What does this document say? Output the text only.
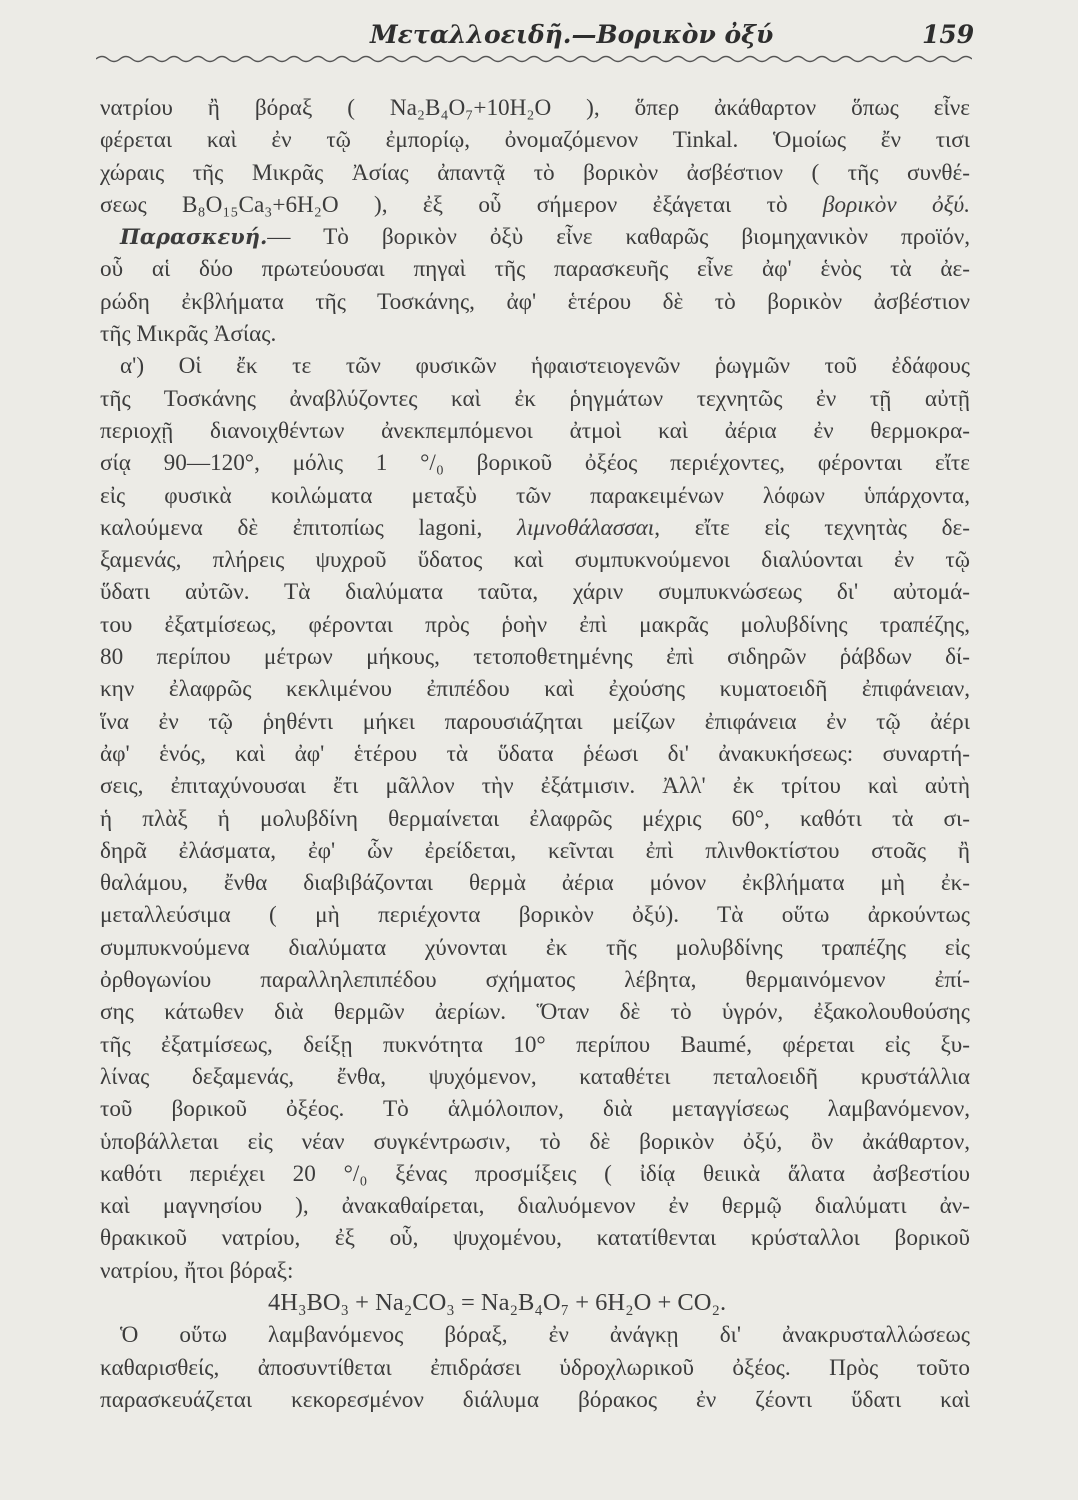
Μεταλλοειδῆ.—Βορικὸν ὀξύ	159
νατρίου ἢ βόραξ ( Na₂B₄O₇+10H₂O ), ὅπερ ἀκάθαρτον ὅπως εἶνε
φέρεται καὶ ἐν τῷ ἐμπορίῳ, ὀνομαζόμενον Tinkal. Ὁμοίως ἔν τισι
χώραις τῆς Μικρᾶς Ἀσίας ἀπαντᾷ τὸ βορικὸν ἀσβέστιον ( τῆς συνθέ-
σεως B₈O₁₅Ca₃+6H₂O ), ἐξ οὗ σήμερον ἐξάγεται τὸ βορικὸν ὀξύ.
Παρασκευή.— Τὸ βορικὸν ὀξὺ εἶνε καθαρῶς βιομηχανικὸν προϊόν,
οὗ αἱ δύο πρωτεύουσαι πηγαὶ τῆς παρασκευῆς εἶνε ἀφ' ἑνὸς τὰ ἀε-
ρώδη ἐκβλήματα τῆς Τοσκάνης, ἀφ' ἑτέρου δὲ τὸ βορικὸν ἀσβέστιον
τῆς Μικρᾶς Ἀσίας.
α') Οἱ ἔκ τε τῶν φυσικῶν ἡφαιστειογενῶν ῥωγμῶν τοῦ ἐδάφους
τῆς Τοσκάνης ἀναβλύζοντες καὶ ἐκ ῥηγμάτων τεχνητῶς ἐν τῇ αὐτῇ
περιοχῇ διανοιχθέντων ἀνεκπεμπόμενοι ἀτμοὶ καὶ ἀέρια ἐν θερμοκρα-
σίᾳ 90—120°, μόλις 1 °/₀ βορικοῦ ὀξέος περιέχοντες, φέρονται εἴτε
εἰς φυσικὰ κοιλώματα μεταξὺ τῶν παρακειμένων λόφων ὑπάρχοντα,
καλούμενα δὲ ἐπιτοπίως lagoni, λιμνοθάλασσαι, εἴτε εἰς τεχνητὰς δε-
ξαμενάς, πλήρεις ψυχροῦ ὕδατος καὶ συμπυκνούμενοι διαλύονται ἐν τῷ
ὕδατι αὐτῶν. Τὰ διαλύματα ταῦτα, χάριν συμπυκνώσεως δι' αὐτομά-
του ἐξατμίσεως, φέρονται πρὸς ῥοὴν ἐπὶ μακρᾶς μολυβδίνης τραπέζης,
80 περίπου μέτρων μήκους, τετοποθετημένης ἐπὶ σιδηρῶν ῥάβδων δί-
κην ἐλαφρῶς κεκλιμένου ἐπιπέδου καὶ ἐχούσης κυματοειδῆ ἐπιφάνειαν,
ἵνα ἐν τῷ ῥηθέντι μήκει παρουσιάζηται μείζων ἐπιφάνεια ἐν τῷ ἀέρι
ἀφ' ἑνός, καὶ ἀφ' ἑτέρου τὰ ὕδατα ῥέωσι δι' ἀνακυκήσεως: συναρτή-
σεις, ἐπιταχύνουσαι ἔτι μᾶλλον τὴν ἐξάτμισιν. Ἀλλ' ἐκ τρίτου καὶ αὐτὴ
ἡ πλὰξ ἡ μολυβδίνη θερμαίνεται ἐλαφρῶς μέχρις 60°, καθότι τὰ σι-
δηρᾶ ἐλάσματα, ἐφ' ὧν ἐρείδεται, κεῖνται ἐπὶ πλινθοκτίστου στοᾶς ἢ
θαλάμου, ἔνθα διαβιβάζονται θερμὰ ἀέρια μόνον ἐκβλήματα μὴ ἐκ-
μεταλλεύσιμα ( μὴ περιέχοντα βορικὸν ὀξύ). Τὰ οὕτω ἀρκούντως
συμπυκνούμενα διαλύματα χύνονται ἐκ τῆς μολυβδίνης τραπέζης εἰς
ὀρθογωνίου παραλληλεπιπέδου σχήματος λέβητα, θερμαινόμενον ἐπί-
σης κάτωθεν διὰ θερμῶν ἀερίων. Ὅταν δὲ τὸ ὑγρόν, ἐξακολουθούσης
τῆς ἐξατμίσεως, δείξῃ πυκνότητα 10° περίπου Baumé, φέρεται εἰς ξυ-
λίνας δεξαμενάς, ἔνθα, ψυχόμενον, καταθέτει πεταλοειδῆ κρυστάλλια
τοῦ βορικοῦ ὀξέος. Τὸ ἁλμόλοιπον, διὰ μεταγγίσεως λαμβανόμενον,
ὑποβάλλεται εἰς νέαν συγκέντρωσιν, τὸ δὲ βορικὸν ὀξύ, ὂν ἀκάθαρτον,
καθότι περιέχει 20 °/₀ ξένας προσμίξεις ( ἰδίᾳ θειικὰ ἅλατα ἀσβεστίου
καὶ μαγνησίου ), ἀνακαθαίρεται, διαλυόμενον ἐν θερμῷ διαλύματι ἀν-
θρακικοῦ νατρίου, ἐξ οὗ, ψυχομένου, κατατίθενται κρύσταλλοι βορικοῦ
νατρίου, ἤτοι βόραξ:
4H₃BO₃ + Na₂CO₃ = Na₂B₄O₇ + 6H₂O + CO₂.
Ὁ οὕτω λαμβανόμενος βόραξ, ἐν ἀνάγκῃ δι' ἀνακρυσταλλώσεως
καθαρισθείς, ἀποσυντίθεται ἐπιδράσει ὑδροχλωρικοῦ ὀξέος. Πρὸς τοῦτο
παρασκευάζεται κεκορεσμένον διάλυμα βόρακος ἐν ζέοντι ὕδατι καὶ
